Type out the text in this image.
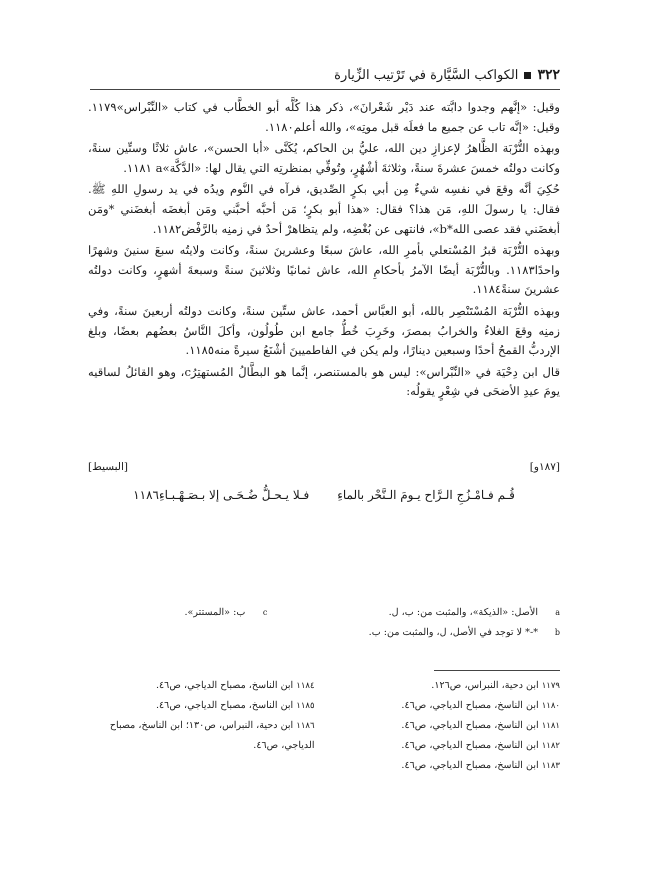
٣٢٢
الكواكب السَّيَّارة في تَرْتيب الزِّيارة

وقيل: «إنَّهم وجدوا دابَّته عند دَيْر شَعْرانَ»، ذكر هذا كُلَّه أبو الخطَّاب في كتاب «النِّبْراس»١١٧٩. وقيل: «إنَّه تاب عن جميع ما فعلَه قبل موتِه»، والله أعلم١١٨٠.

وبهذه التُّرْبَة الظَّاهرُ لإعزازِ دين الله، عليُّ بن الحاكم، يُكَنَّى «أبا الحسن»، عاش ثلاثًا وستِّين سنةً، وكانت دولتُه خمسَ عشرةَ سنةً، وثلاثةَ أشْهُرٍ، وتُوفِّي بمنظرتِه التي يقال لها: «الدَّكَّة»a ١١٨١.

حُكِيَ أنَّه وقعَ في نفسِه شيءٌ مِن أبي بكرٍ الصِّديق، فرآه في النَّوم ويدُه في يد رسولِ اللهِ ﷺ. فقال: يا رسولَ اللهِ، مَن هذا؟ فقال: «هذا أبو بكرٍ؛ مَن أحبَّه أحبَّني ومَن أبغضَه أبغضَني *ومَن أبغضَني فقد عصى الله*b»، فانتهى عن بُغْضِه، ولم يتظاهرْ أحدٌ في زمنِه بالرَّفْض١١٨٢.

وبهذه التُّرْبَة قبرُ المُسْتعلي بأمرِ الله، عاشَ سبعًا وعشرينَ سنةً، وكانت ولايتُه سبعَ سنينَ وشهرًا واحدًا١١٨٣. وبالتُّرْبَة أيضًا الآمرُ بأحكامِ الله، عاش ثمانيًا وثلاثينَ سنةً وسبعةَ أشهرٍ، وكانت دولتُه عشرينَ سنةً١١٨٤.

وبهذه التُّرْبَة المُسْتَنْصِر بالله، أبو العبَّاس أحمد، عاش ستِّين سنةً، وكانت دولتُه أربعينَ سنةً، وفي زمنِه وقعَ الغلاءُ والخرابُ بمصرَ، وخَرِبَ خُطُّ جامع ابن طُولُون، وأكلَ النَّاسُ بعضُهم بعضًا، وبلغ الإردبُّ القمحُ أحدًا وسبعين دينارًا، ولم يكن في الفاطميينَ أشْنَعُ سيرةً منه١١٨٥.

قال ابن دِحْيَة في «النِّبْراس»: ليس هو بالمستنصر، إنَّما هو البطَّالُ المُستهتِرُc، وهو القائلُ لساقيه يومَ عيدِ الأضحَى في شِعْرٍ يقولُه:

[١٨٧و]
[البسيط]
قُـم فـامْـزُجِ الـرَّاح يـومَ الـنَّحْر بالماءِ
فـلا يـحـلُّ ضُـحَـى إلا بـصَـهْـبـاءِ١١٨٦
aالأصل: «الذيكة»، والمثبت من: ب، ل.
cب: «المستتر».
b*-* لا توجد في الأصل، ل، والمثبت من: ب.
١١٧٩ ابن دحية، النبراس، ص١٢٦.
١١٨٠ ابن الناسخ، مصباح الدياجي، ص٤٦.
١١٨١ ابن الناسخ، مصباح الدياجي، ص٤٦.
١١٨٢ ابن الناسخ، مصباح الدياجي، ص٤٦.
١١٨٣ ابن الناسخ، مصباح الدياجي، ص٤٦.
١١٨٤ ابن الناسخ، مصباح الدياجي، ص٤٦.
١١٨٥ ابن الناسخ، مصباح الدياجي، ص٤٦.
١١٨٦ ابن دحية، النبراس، ص١٣٠؛ ابن الناسخ، مصباح الدياجي، ص٤٦.
